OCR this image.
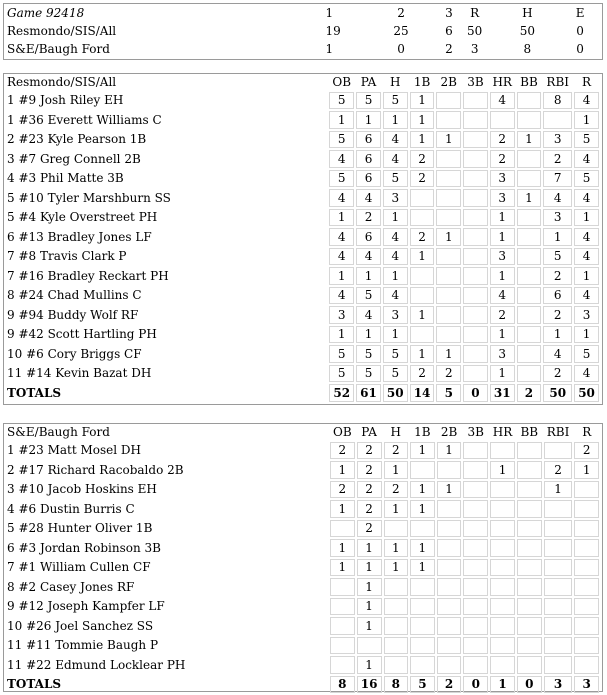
Game 92418	1	2	3	R	H	E
Resmondo/SIS/All	19	25	6	50	50	0
S&E/Baugh Ford	1	0	2	3	8	0
Resmondo/SIS/All	OB	PA	H	1B	2B	3B	HR	BB	RBI	R
1 #9 Josh Riley EH	5	5	5	1			4		8	4
1 #36 Everett Williams C	1	1	1	1						1
2 #23 Kyle Pearson 1B	5	6	4	1	1		2	1	3	5
3 #7 Greg Connell 2B	4	6	4	2			2		2	4
4 #3 Phil Matte 3B	5	6	5	2			3		7	5
5 #10 Tyler Marshburn SS	4	4	3				3	1	4	4
5 #4 Kyle Overstreet PH	1	2	1				1		3	1
6 #13 Bradley Jones LF	4	6	4	2	1		1		1	4
7 #8 Travis Clark P	4	4	4	1			3		5	4
7 #16 Bradley Reckart PH	1	1	1				1		2	1
8 #24 Chad Mullins C	4	5	4				4		6	4
9 #94 Buddy Wolf RF	3	4	3	1			2		2	3
9 #42 Scott Hartling PH	1	1	1				1		1	1
10 #6 Cory Briggs CF	5	5	5	1	1		3		4	5
11 #14 Kevin Bazat DH	5	5	5	2	2		1		2	4
TOTALS	52	61	50	14	5	0	31	2	50	50
S&E/Baugh Ford	OB	PA	H	1B	2B	3B	HR	BB	RBI	R
1 #23 Matt Mosel DH	2	2	2	1	1					2
2 #17 Richard Racobaldo 2B	1	2	1				1		2	1
3 #10 Jacob Hoskins EH	2	2	2	1	1				1	
4 #6 Dustin Burris C	1	2	1	1						
5 #28 Hunter Oliver 1B		2								
6 #3 Jordan Robinson 3B	1	1	1	1						
7 #1 William Cullen CF	1	1	1	1						
8 #2 Casey Jones RF		1								
9 #12 Joseph Kampfer LF		1								
10 #26 Joel Sanchez SS		1								
11 #11 Tommie Baugh P										
11 #22 Edmund Locklear PH		1								
TOTALS	8	16	8	5	2	0	1	0	3	3
